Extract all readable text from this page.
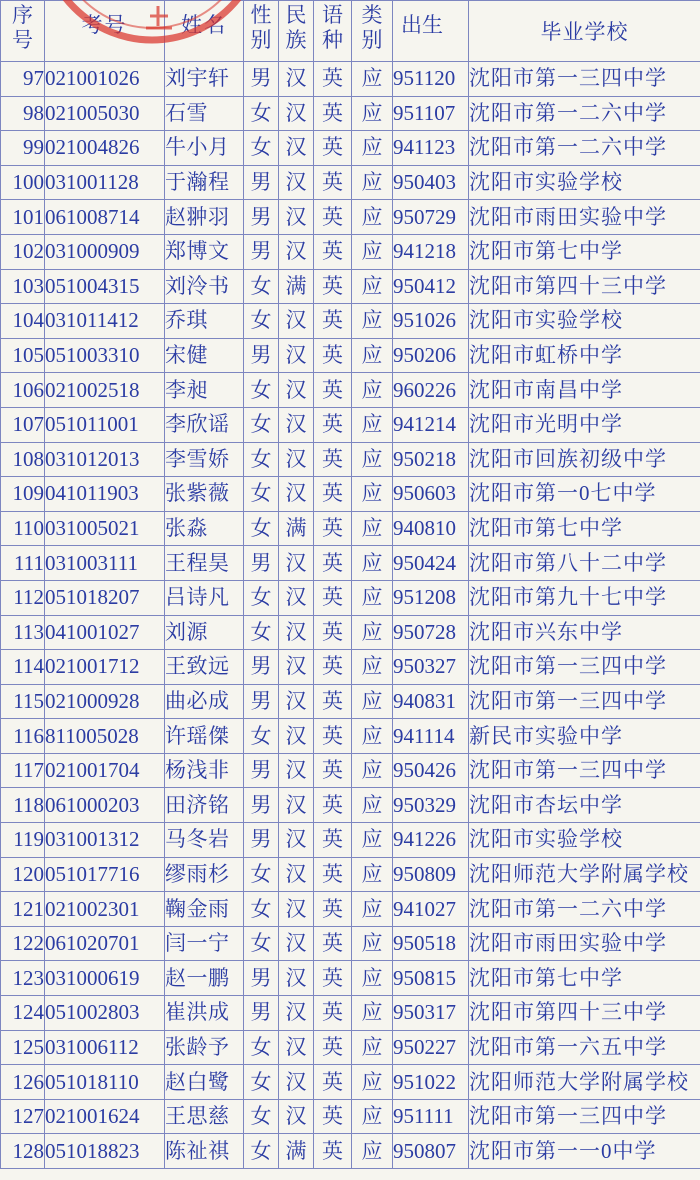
序号	考号	姓名	性别	民族	语种	类别	出生	毕业学校
97	021001026	刘宇轩	男	汉	英	应	951120	沈阳市第一三四中学
98	021005030	石雪	女	汉	英	应	951107	沈阳市第一二六中学
99	021004826	牛小月	女	汉	英	应	941123	沈阳市第一二六中学
100	031001128	于瀚程	男	汉	英	应	950403	沈阳市实验学校
101	061008714	赵翀羽	男	汉	英	应	950729	沈阳市雨田实验中学
102	031000909	郑博文	男	汉	英	应	941218	沈阳市第七中学
103	051004315	刘泠书	女	满	英	应	950412	沈阳市第四十三中学
104	031011412	乔琪	女	汉	英	应	951026	沈阳市实验学校
105	051003310	宋健	男	汉	英	应	950206	沈阳市虹桥中学
106	021002518	李昶	女	汉	英	应	960226	沈阳市南昌中学
107	051011001	李欣谣	女	汉	英	应	941214	沈阳市光明中学
108	031012013	李雪娇	女	汉	英	应	950218	沈阳市回族初级中学
109	041011903	张紫薇	女	汉	英	应	950603	沈阳市第一0七中学
110	031005021	张淼	女	满	英	应	940810	沈阳市第七中学
111	031003111	王程昊	男	汉	英	应	950424	沈阳市第八十二中学
112	051018207	吕诗凡	女	汉	英	应	951208	沈阳市第九十七中学
113	041001027	刘源	女	汉	英	应	950728	沈阳市兴东中学
114	021001712	王致远	男	汉	英	应	950327	沈阳市第一三四中学
115	021000928	曲必成	男	汉	英	应	940831	沈阳市第一三四中学
116	811005028	许瑶傑	女	汉	英	应	941114	新民市实验中学
117	021001704	杨浅非	男	汉	英	应	950426	沈阳市第一三四中学
118	061000203	田济铭	男	汉	英	应	950329	沈阳市杏坛中学
119	031001312	马冬岩	男	汉	英	应	941226	沈阳市实验学校
120	051017716	缪雨杉	女	汉	英	应	950809	沈阳师范大学附属学校
121	021002301	鞠金雨	女	汉	英	应	941027	沈阳市第一二六中学
122	061020701	闫一宁	女	汉	英	应	950518	沈阳市雨田实验中学
123	031000619	赵一鹏	男	汉	英	应	950815	沈阳市第七中学
124	051002803	崔洪成	男	汉	英	应	950317	沈阳市第四十三中学
125	031006112	张龄予	女	汉	英	应	950227	沈阳市第一六五中学
126	051018110	赵白鹭	女	汉	英	应	951022	沈阳师范大学附属学校
127	021001624	王思慈	女	汉	英	应	951111	沈阳市第一三四中学
128	051018823	陈祉祺	女	满	英	应	950807	沈阳市第一一0中学
